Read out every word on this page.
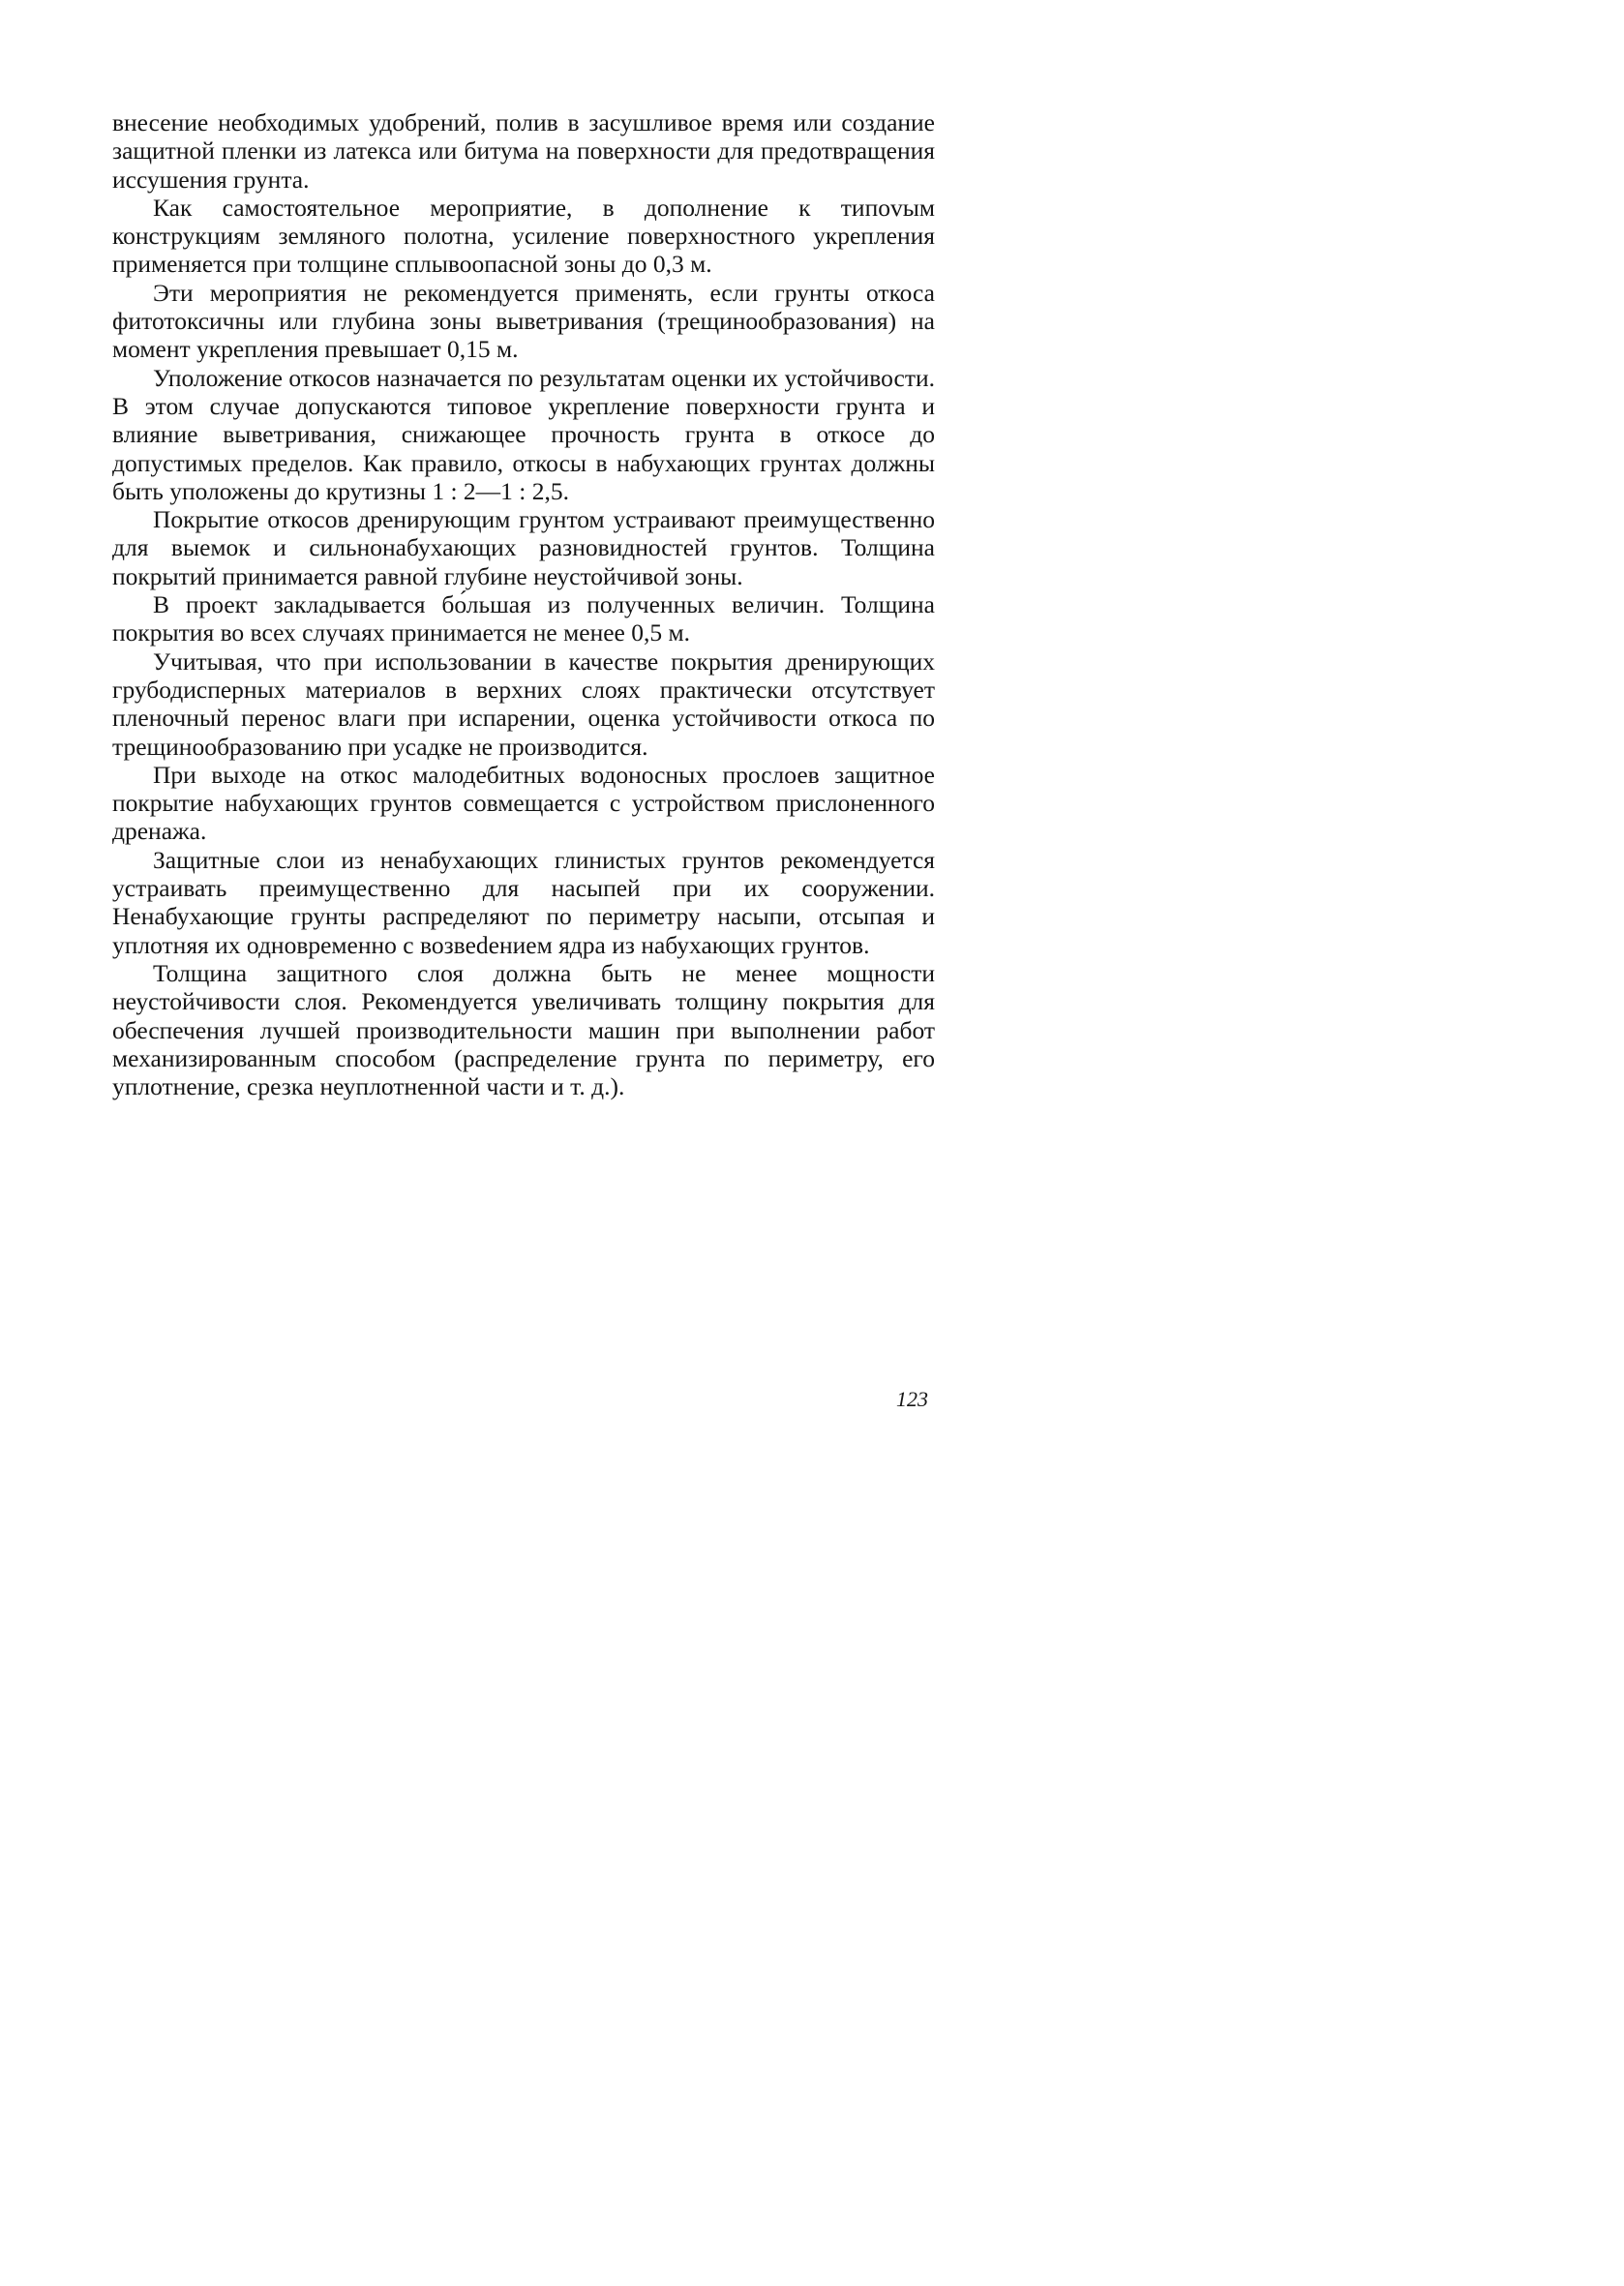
внесение необходимых удобрений, полив в засушливое время или создание защитной пленки из латекса или битума на поверхности для предотвращения иссушения грунта.

Как самостоятельное мероприятие, в дополнение к типоvым конструкциям земляного полотна, усиление поверхностного укрепления применяется при толщине сплывоопасной зоны до 0,3 м.

Эти мероприятия не рекомендуется применять, если грунты откоса фитотоксичны или глубина зоны выветривания (трещинообразования) на момент укрепления превышает 0,15 м.

Уположение откосов назначается по результатам оценки их устойчивости. В этом случае допускаются типовое укрепление поверхности грунта и влияние выветривания, снижающее прочность грунта в откосе до допустимых пределов. Как правило, откосы в набухающих грунтах должны быть уположены до крутизны 1 : 2—1 : 2,5.

Покрытие откосов дренирующим грунтом устраивают преимущественно для выемок и сильнонабухающих разновидностей грунтов. Толщина покрытий принимается равной глубине неустойчивой зоны.

В проект закладывается бо́льшая из полученных величин. Толщина покрытия во всех случаях принимается не менее 0,5 м.

Учитывая, что при использовании в качестве покрытия дренирующих грубодисперных материалов в верхних слоях практически отсутствует пленочный перенос влаги при испарении, оценка устойчивости откоса по трещинообразованию при усадке не производится.

При выходе на откос малодебитных водоносных прослоев защитное покрытие набухающих грунтов совмещается с устройством прислоненного дренажа.

Защитные слои из ненабухающих глинистых грунтов рекомендуется устраивать преимущественно для насыпей при их сооружении. Ненабухающие грунты распределяют по периметру насыпи, отсыпая и уплотняя их одновременно с возвеdением ядра из набухающих грунтов.

Толщина защитного слоя должна быть не менее мощности неустойчивости слоя. Рекомендуется увеличивать толщину покрытия для обеспечения лучшей производительности машин при выполнении работ механизированным способом (распределение грунта по периметру, его уплотнение, срезка неуплотненной части и т. д.).

123
